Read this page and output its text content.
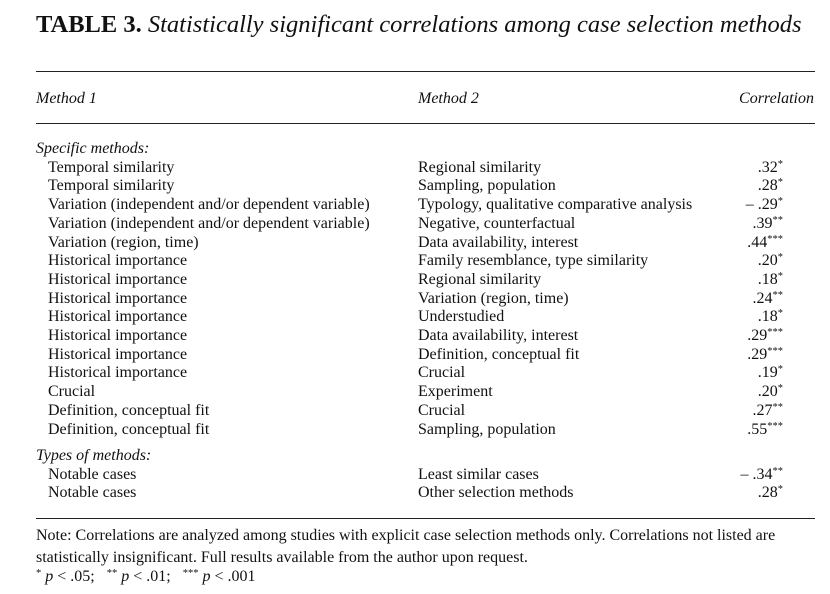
TABLE 3. Statistically significant correlations among case selection methods
Method 1	Method 2	Correlation
Specific methods:
Temporal similarity	Regional similarity	.32*
Temporal similarity	Sampling, population	.28*
Variation (independent and/or dependent variable)	Typology, qualitative comparative analysis	– .29*
Variation (independent and/or dependent variable)	Negative, counterfactual	.39**
Variation (region, time)	Data availability, interest	.44***
Historical importance	Family resemblance, type similarity	.20*
Historical importance	Regional similarity	.18*
Historical importance	Variation (region, time)	.24**
Historical importance	Understudied	.18*
Historical importance	Data availability, interest	.29***
Historical importance	Definition, conceptual fit	.29***
Historical importance	Crucial	.19*
Crucial	Experiment	.20*
Definition, conceptual fit	Crucial	.27**
Definition, conceptual fit	Sampling, population	.55***
Types of methods:
Notable cases	Least similar cases	– .34**
Notable cases	Other selection methods	.28*
Note: Correlations are analyzed among studies with explicit case selection methods only. Correlations not listed are statistically insignificant. Full results available from the author upon request.
* p < .05; ** p < .01; *** p < .001
